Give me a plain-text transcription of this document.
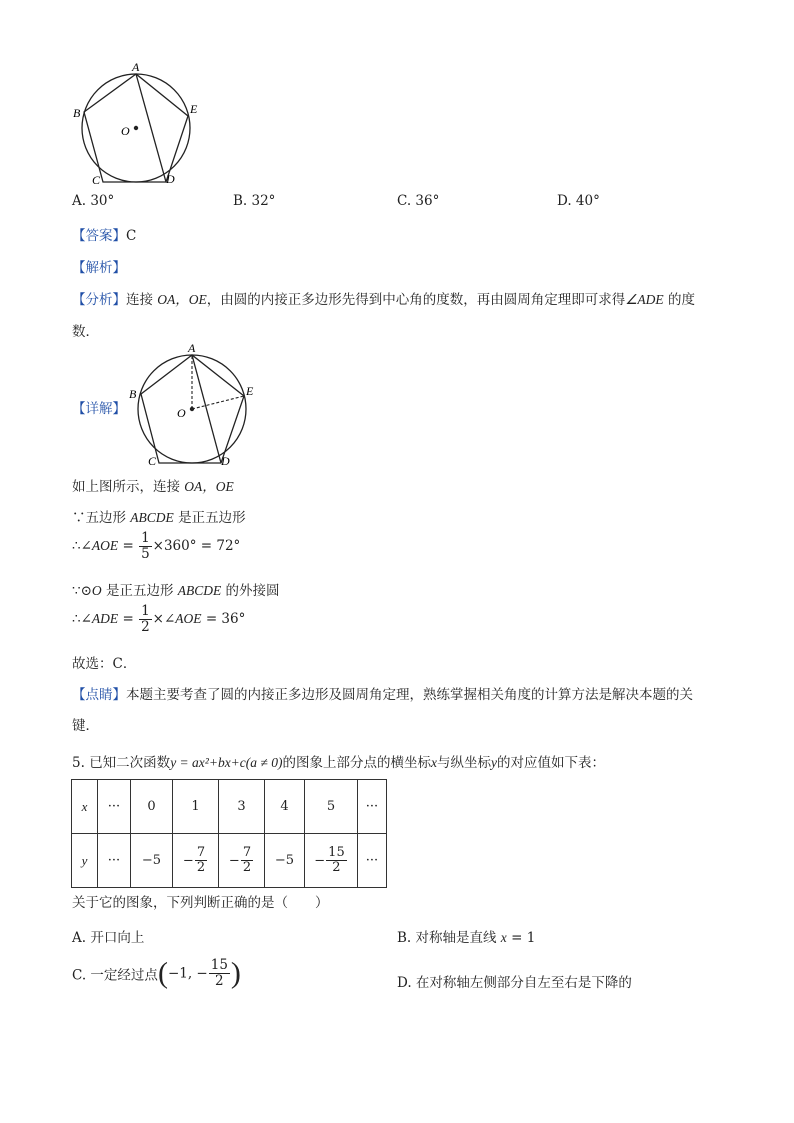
A
B
C	D
E
O
A. 30°	B. 32°	C. 36°	D. 40°
【答案】C
【解析】
【分析】连接 OA，OE，由圆的内接正多边形先得到中心角的度数，再由圆周角定理即可求得∠ADE 的度
数．
【详解】
A
B
C	D
E
O
如上图所示，连接 OA，OE
∵五边形 ABCDE 是正五边形
∴∠AOE = $\frac{1}{5} \times 360^\circ = 72^\circ$
∵⊙O 是正五边形 ABCDE 的外接圆
∴∠ADE = $\frac{1}{2}$ ×∠AOE = 36°
故选：C．
【点睛】本题主要考查了圆的内接正多边形及圆周角定理，熟练掌握相关角度的计算方法是解决本题的关
键．
5. 已知二次函数y = ax²+bx+c(a ≠ 0)的图象上部分点的横坐标x与纵坐标y的对应值如下表：
x	···	0	1	3	4	5	···
y	···	−5	− $\frac{7}{2}$	− $\frac{7}{2}$	−5	− $\frac{15}{2}$	···
关于它的图象，下列判断正确的是（　　）
A. 开口向上	B. 对称轴是直线 x = 1
C. 一定经过点(−1, − $\frac{15}{2}$ )	D. 在对称轴左侧部分自左至右是下降的
